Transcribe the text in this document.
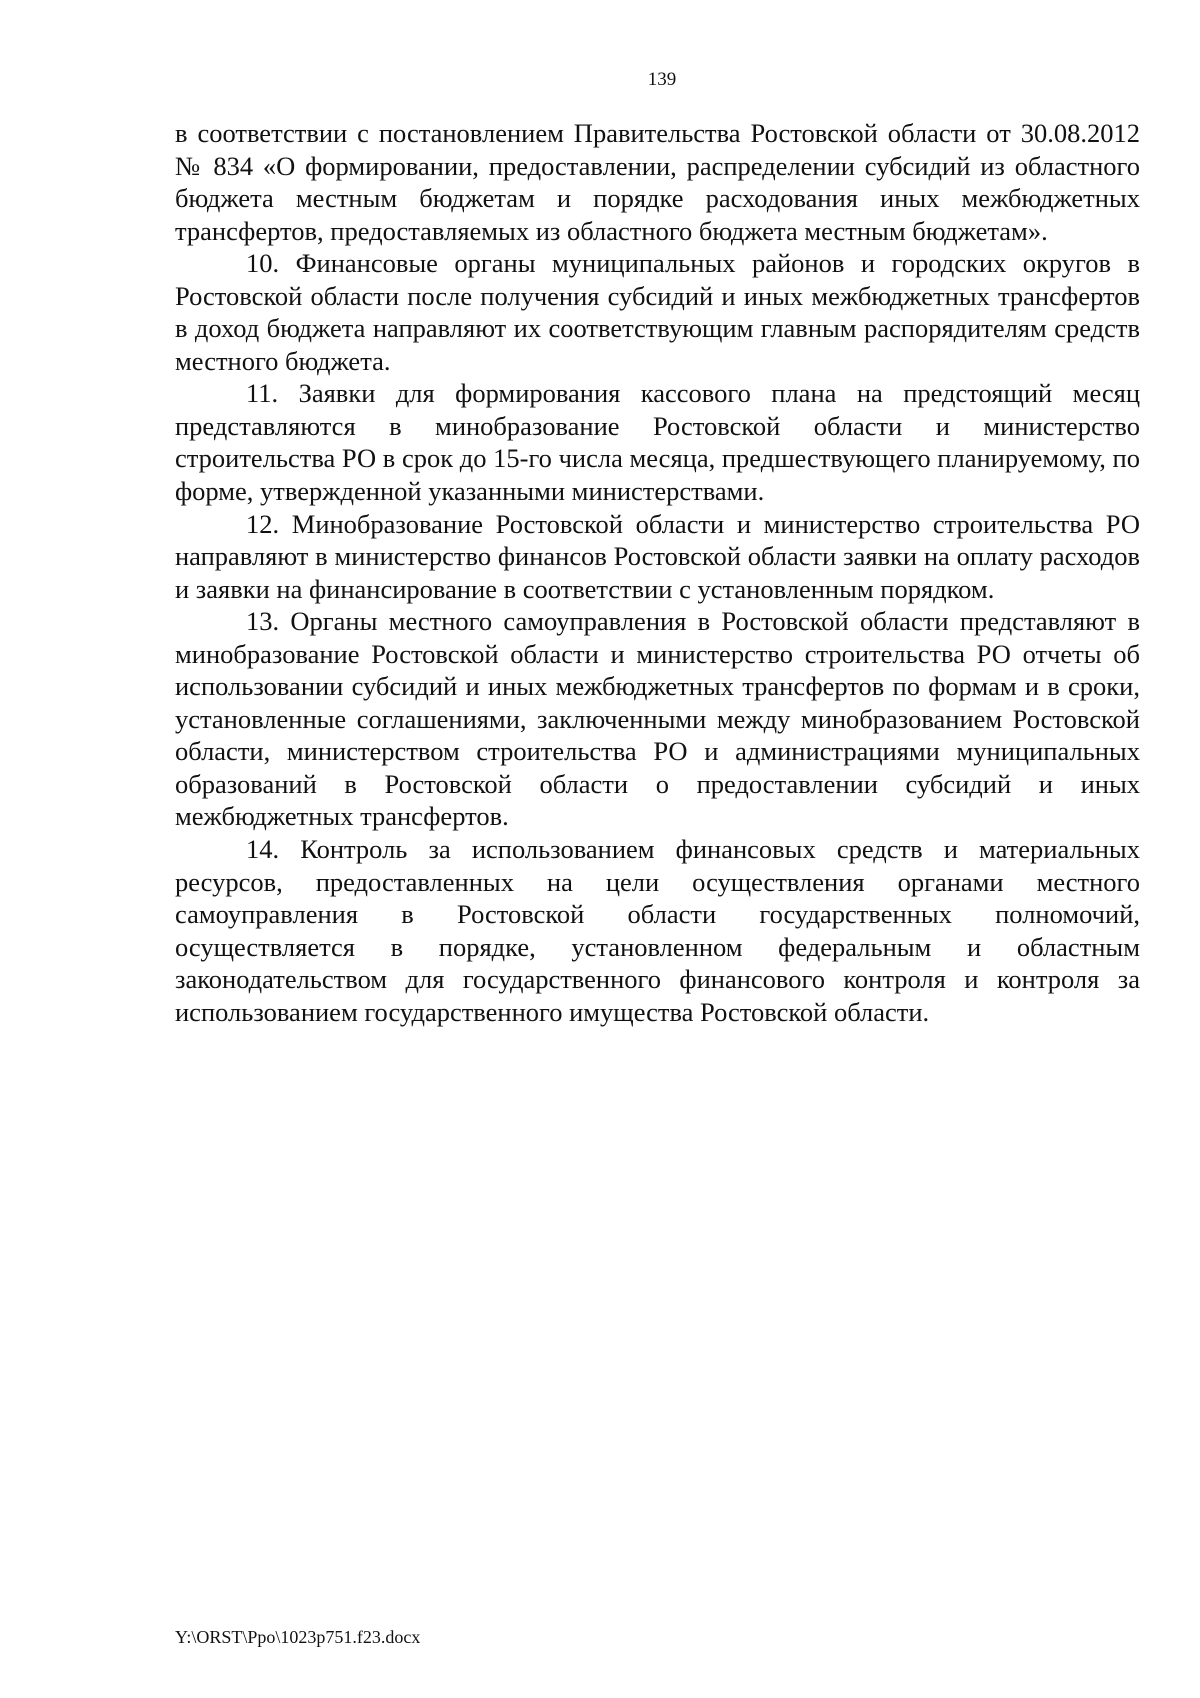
139

в соответствии с постановлением Правительства Ростовской области от 30.08.2012 № 834 «О формировании, предоставлении, распределении субсидий из областного бюджета местным бюджетам и порядке расходования иных межбюджетных трансфертов, предоставляемых из областного бюджета местным бюджетам».

10. Финансовые органы муниципальных районов и городских округов в Ростовской области после получения субсидий и иных межбюджетных трансфертов в доход бюджета направляют их соответствующим главным распорядителям средств местного бюджета.

11. Заявки для формирования кассового плана на предстоящий месяц представляются в минобразование Ростовской области и министерство строительства РО в срок до 15-го числа месяца, предшествующего планируемому, по форме, утвержденной указанными министерствами.

12. Минобразование Ростовской области и министерство строительства РО направляют в министерство финансов Ростовской области заявки на оплату расходов и заявки на финансирование в соответствии с установленным порядком.

13. Органы местного самоуправления в Ростовской области представляют в минобразование Ростовской области и министерство строительства РО отчеты об использовании субсидий и иных межбюджетных трансфертов по формам и в сроки, установленные соглашениями, заключенными между минобразованием Ростовской области, министерством строительства РО и администрациями муниципальных образований в Ростовской области о предоставлении субсидий и иных межбюджетных трансфертов.

14. Контроль за использованием финансовых средств и материальных ресурсов, предоставленных на цели осуществления органами местного самоуправления в Ростовской области государственных полномочий, осуществляется в порядке, установленном федеральным и областным законодательством для государственного финансового контроля и контроля за использованием государственного имущества Ростовской области.

Y:\ORST\Ppo\1023p751.f23.docx
